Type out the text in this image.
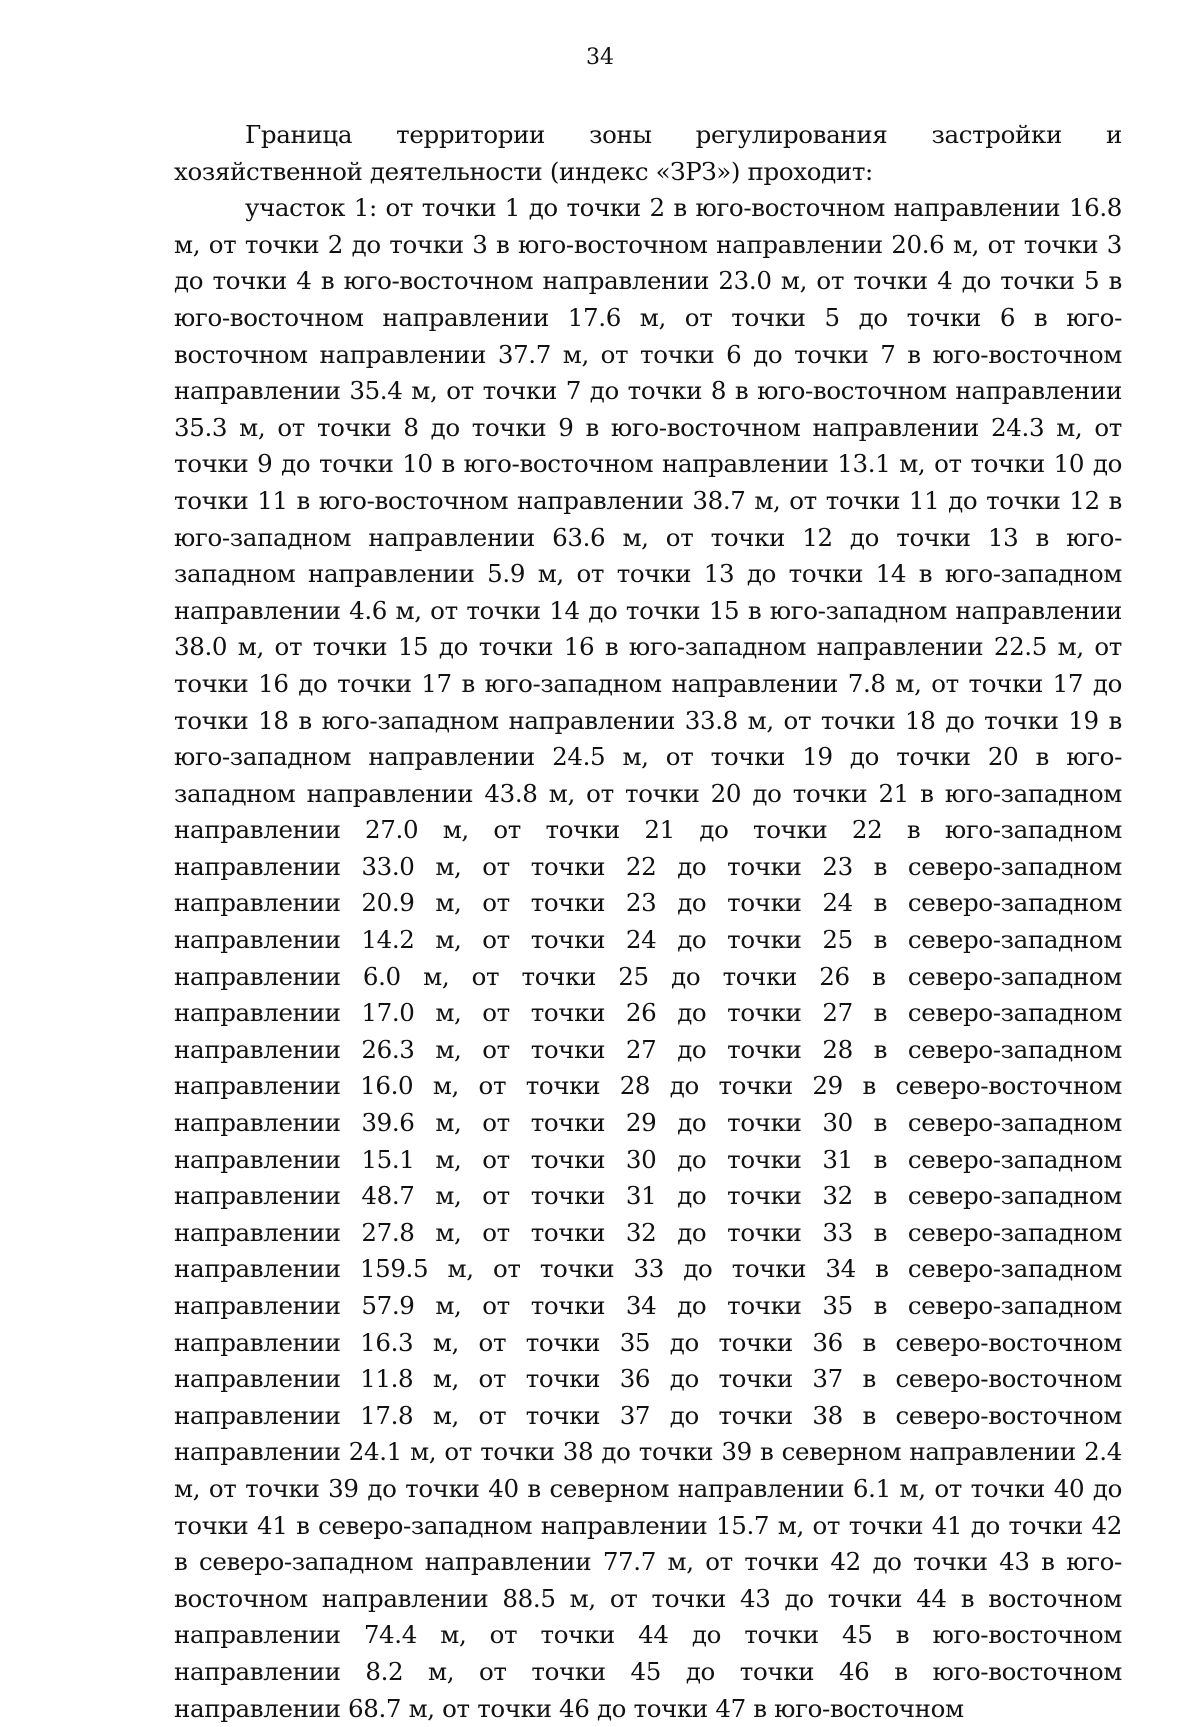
34

Граница территории зоны регулирования застройки и хозяйственной деятельности (индекс «ЗРЗ») проходит:

участок 1: от точки 1 до точки 2 в юго-восточном направлении 16.8 м, от точки 2 до точки 3 в юго-восточном направлении 20.6 м, от точки 3 до точки 4 в юго-восточном направлении 23.0 м, от точки 4 до точки 5 в юго-восточном направлении 17.6 м, от точки 5 до точки 6 в юго-восточном направлении 37.7 м, от точки 6 до точки 7 в юго-восточном направлении 35.4 м, от точки 7 до точки 8 в юго-восточном направлении 35.3 м, от точки 8 до точки 9 в юго-восточном направлении 24.3 м, от точки 9 до точки 10 в юго-восточном направлении 13.1 м, от точки 10 до точки 11 в юго-восточном направлении 38.7 м, от точки 11 до точки 12 в юго-западном направлении 63.6 м, от точки 12 до точки 13 в юго-западном направлении 5.9 м, от точки 13 до точки 14 в юго-западном направлении 4.6 м, от точки 14 до точки 15 в юго-западном направлении 38.0 м, от точки 15 до точки 16 в юго-западном направлении 22.5 м, от точки 16 до точки 17 в юго-западном направлении 7.8 м, от точки 17 до точки 18 в юго-западном направлении 33.8 м, от точки 18 до точки 19 в юго-западном направлении 24.5 м, от точки 19 до точки 20 в юго-западном направлении 43.8 м, от точки 20 до точки 21 в юго-западном направлении 27.0 м, от точки 21 до точки 22 в юго-западном направлении 33.0 м, от точки 22 до точки 23 в северо-западном направлении 20.9 м, от точки 23 до точки 24 в северо-западном направлении 14.2 м, от точки 24 до точки 25 в северо-западном направлении 6.0 м, от точки 25 до точки 26 в северо-западном направлении 17.0 м, от точки 26 до точки 27 в северо-западном направлении 26.3 м, от точки 27 до точки 28 в северо-западном направлении 16.0 м, от точки 28 до точки 29 в северо-восточном направлении 39.6 м, от точки 29 до точки 30 в северо-западном направлении 15.1 м, от точки 30 до точки 31 в северо-западном направлении 48.7 м, от точки 31 до точки 32 в северо-западном направлении 27.8 м, от точки 32 до точки 33 в северо-западном направлении 159.5 м, от точки 33 до точки 34 в северо-западном направлении 57.9 м, от точки 34 до точки 35 в северо-западном направлении 16.3 м, от точки 35 до точки 36 в северо-восточном направлении 11.8 м, от точки 36 до точки 37 в северо-восточном направлении 17.8 м, от точки 37 до точки 38 в северо-восточном направлении 24.1 м, от точки 38 до точки 39 в северном направлении 2.4 м, от точки 39 до точки 40 в северном направлении 6.1 м, от точки 40 до точки 41 в северо-западном направлении 15.7 м, от точки 41 до точки 42 в северо-западном направлении 77.7 м, от точки 42 до точки 43 в юго-восточном направлении 88.5 м, от точки 43 до точки 44 в восточном направлении 74.4 м, от точки 44 до точки 45 в юго-восточном направлении 8.2 м, от точки 45 до точки 46 в юго-восточном направлении 68.7 м, от точки 46 до точки 47 в юго-восточном
